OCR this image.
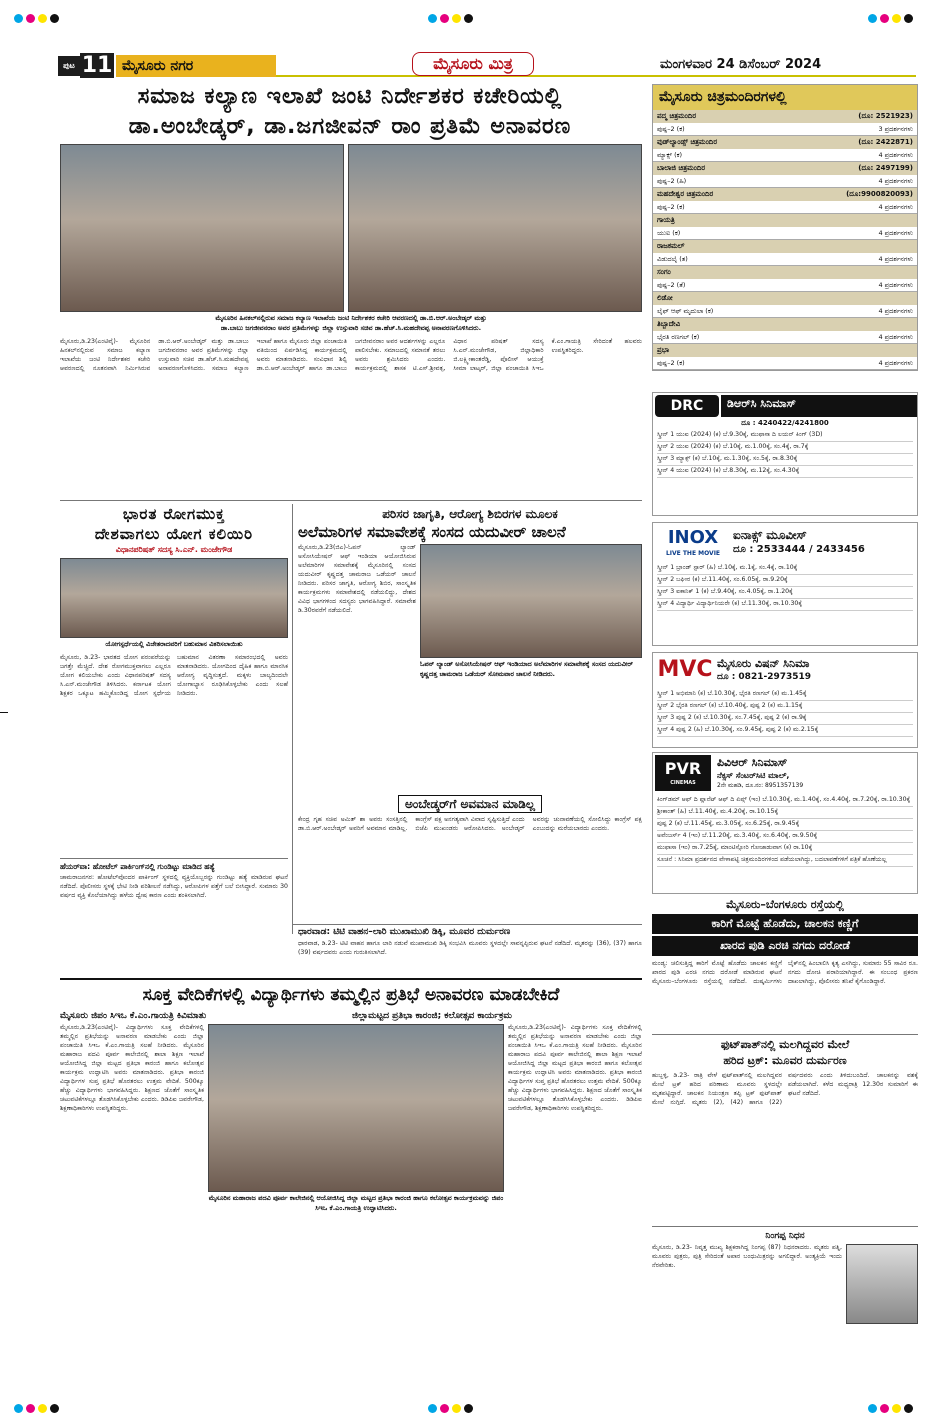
ಪುಟ 11 ಮೈಸೂರು ನಗರ	ಮೈಸೂರು ಮಿತ್ರ	ಮಂಗಳವಾರ 24 ಡಿಸೆಂಬರ್ 2024
ಸಮಾಜ ಕಲ್ಯಾಣ ಇಲಾಖೆ ಜಂಟಿ ನಿರ್ದೇಶಕರ ಕಚೇರಿಯಲ್ಲಿ
ಡಾ.ಅಂಬೇಡ್ಕರ್, ಡಾ.ಜಗಜೀವನ್ ರಾಂ ಪ್ರತಿಮೆ ಅನಾವರಣ
ಮೈಸೂರಿನ ಹಿನಕಲ್‌ನಲ್ಲಿರುವ ಸಮಾಜ ಕಲ್ಯಾಣ ಇಲಾಖೆಯ ಜಂಟಿ ನಿರ್ದೇಶಕರ ಕಚೇರಿ ಆವರಣದಲ್ಲಿ ಡಾ.ಬಿ.ಆರ್.ಅಂಬೇಡ್ಕರ್ ಮತ್ತು
ಡಾ.ಬಾಬು ಜಗಜೀವನರಾಂ ಅವರ ಪ್ರತಿಮೆಗಳನ್ನು ಜಿಲ್ಲಾ ಉಸ್ತುವಾರಿ ಸಚಿವ ಡಾ.ಹೆಚ್.ಸಿ.ಮಹದೇವಪ್ಪ ಅನಾವರಣಗೊಳಿಸಿದರು.
ಮೈಸೂರು,ಡಿ.23(ಎಂಟಿವೈ)- ಮೈಸೂರಿನ ಹಿನಕಲ್‌ನಲ್ಲಿರುವ ಸಮಾಜ ಕಲ್ಯಾಣ ಇಲಾಖೆಯ ಜಂಟಿ ನಿರ್ದೇಶಕರ ಕಚೇರಿ ಆವರಣದಲ್ಲಿ ನೂತನವಾಗಿ ನಿರ್ಮಿಸಿರುವ ಡಾ.ಬಿ.ಆರ್.ಅಂಬೇಡ್ಕರ್ ಮತ್ತು ಡಾ.ಬಾಬು ಜಗಜೀವನರಾಂ ಅವರ ಪ್ರತಿಮೆಗಳನ್ನು ಜಿಲ್ಲಾ ಉಸ್ತುವಾರಿ ಸಚಿವ ಡಾ.ಹೆಚ್.ಸಿ.ಮಹದೇವಪ್ಪ ಅನಾವರಣಗೊಳಿಸಿದರು. ಸಮಾಜ ಕಲ್ಯಾಣ ಇಲಾಖೆ ಹಾಗೂ ಮೈಸೂರು ಜಿಲ್ಲಾ ಪಂಚಾಯಿತಿ ವತಿಯಿಂದ ಏರ್ಪಡಿಸಿದ್ದ ಕಾರ್ಯಕ್ರಮದಲ್ಲಿ ಅವರು ಮಾತನಾಡಿದರು. ಸಂವಿಧಾನ ಶಿಲ್ಪಿ ಡಾ.ಬಿ.ಆರ್.ಅಂಬೇಡ್ಕರ್ ಹಾಗೂ ಡಾ.ಬಾಬು ಜಗಜೀವನರಾಂ ಅವರ ಆದರ್ಶಗಳನ್ನು ಎಲ್ಲರೂ ಪಾಲಿಸಬೇಕು. ಸಮಾಜದಲ್ಲಿ ಸಮಾನತೆ ತರಲು ಅವರು ಶ್ರಮಿಸಿದರು ಎಂದರು. ಕಾರ್ಯಕ್ರಮದಲ್ಲಿ ಶಾಸಕ ಟಿ.ಎಸ್.ಶ್ರೀವತ್ಸ, ವಿಧಾನ ಪರಿಷತ್ ಸದಸ್ಯ ಸಿ.ಎನ್.ಮಂಜೇಗೌಡ, ಜಿಲ್ಲಾಧಿಕಾರಿ ಜಿ.ಲಕ್ಷ್ಮೀಕಾಂತರೆಡ್ಡಿ, ಪೊಲೀಸ್ ಆಯುಕ್ತೆ ಸೀಮಾ ಲಾಟ್ಕರ್, ಜಿಲ್ಲಾ ಪಂಚಾಯಿತಿ ಸಿಇಒ ಕೆ.ಎಂ.ಗಾಯತ್ರಿ ಸೇರಿದಂತೆ ಹಲವರು ಉಪಸ್ಥಿತರಿದ್ದರು.
ಭಾರತ ರೋಗಮುಕ್ತ
ದೇಶವಾಗಲು ಯೋಗ ಕಲಿಯಿರಿ
ವಿಧಾನಪರಿಷತ್ ಸದಸ್ಯ ಸಿ.ಎನ್. ಮಂಜೇಗೌಡ
ಯೋಗಸ್ಪರ್ಧೆಯಲ್ಲಿ ವಿಜೇತರಾದವರಿಗೆ ಬಹುಮಾನ ವಿತರಿಸಲಾಯಿತು
ಮೈಸೂರು, ಡಿ.23- ಭಾರತದ ಯೋಗ ಪರಂಪರೆಯನ್ನು ಜಗತ್ತೇ ಮೆಚ್ಚಿದೆ. ದೇಶ ರೋಗಮುಕ್ತವಾಗಲು ಎಲ್ಲರೂ ಯೋಗ ಕಲಿಯಬೇಕು ಎಂದು ವಿಧಾನಪರಿಷತ್ ಸದಸ್ಯ ಸಿ.ಎನ್.ಮಂಜೇಗೌಡ ತಿಳಿಸಿದರು. ಕರ್ನಾಟಕ ಯೋಗ ಶಿಕ್ಷಕರ ಒಕ್ಕೂಟ ಹಮ್ಮಿಕೊಂಡಿದ್ದ ಯೋಗ ಸ್ಪರ್ಧೆಯ ಬಹುಮಾನ ವಿತರಣಾ ಸಮಾರಂಭದಲ್ಲಿ ಅವರು ಮಾತನಾಡಿದರು. ಯೋಗದಿಂದ ದೈಹಿಕ ಹಾಗೂ ಮಾನಸಿಕ ಆರೋಗ್ಯ ವೃದ್ಧಿಸುತ್ತದೆ. ಮಕ್ಕಳು ಬಾಲ್ಯದಿಂದಲೇ ಯೋಗಾಭ್ಯಾಸ ರೂಢಿಸಿಕೊಳ್ಳಬೇಕು ಎಂದು ಸಲಹೆ ನೀಡಿದರು.
ಹೆಯರ್‌ವಾ: ಹೋಟೆಲ್ ಪಾರ್ಕಿಂಗ್‌ನಲ್ಲಿ ಗುಂಡಿಟ್ಟು ಮಾಡಿದ ಹತ್ಯೆ
ಚಾಮರಾಜನಗರ: ಹೋಟೆಲ್‌ವೊಂದರ ಪಾರ್ಕಿಂಗ್ ಸ್ಥಳದಲ್ಲಿ ವ್ಯಕ್ತಿಯೊಬ್ಬರನ್ನು ಗುಂಡಿಟ್ಟು ಹತ್ಯೆ ಮಾಡಿರುವ ಘಟನೆ ನಡೆದಿದೆ. ಪೊಲೀಸರು ಸ್ಥಳಕ್ಕೆ ಭೇಟಿ ನೀಡಿ ಪರಿಶೀಲನೆ ನಡೆಸಿದ್ದು, ಆರೋಪಿಗಳ ಪತ್ತೆಗೆ ಬಲೆ ಬೀಸಿದ್ದಾರೆ. ಸುಮಾರು 30 ವರ್ಷದ ವ್ಯಕ್ತಿ ಕೊಲೆಯಾಗಿದ್ದು ಹಳೆಯ ದ್ವೇಷ ಕಾರಣ ಎಂದು ಶಂಕಿಸಲಾಗಿದೆ.
ಪರಿಸರ ಜಾಗೃತಿ, ಆರೋಗ್ಯ ಶಿಬಿರಗಳ ಮೂಲಕ
ಅಲೆಮಾರಿಗಳ ಸಮಾವೇಶಕ್ಕೆ ಸಂಸದ ಯದುವೀರ್ ಚಾಲನೆ
ಮೈಸೂರು,ಡಿ.23(ಜಿಎ)-ಓಪನ್ ಲ್ಯಾಂಡ್ ಅಸೋಸಿಯೇಷನ್ ಆಫ್ ಇಂಡಿಯಾ ಆಯೋಜಿಸಿರುವ ಅಲೆಮಾರಿಗಳ ಸಮಾವೇಶಕ್ಕೆ ಮೈಸೂರಿನಲ್ಲಿ ಸಂಸದ ಯದುವೀರ್ ಕೃಷ್ಣದತ್ತ ಚಾಮರಾಜ ಒಡೆಯರ್ ಚಾಲನೆ ನೀಡಿದರು. ಪರಿಸರ ಜಾಗೃತಿ, ಆರೋಗ್ಯ ಶಿಬಿರ, ಸಾಂಸ್ಕೃತಿಕ ಕಾರ್ಯಕ್ರಮಗಳು ಸಮಾವೇಶದಲ್ಲಿ ನಡೆಯಲಿದ್ದು, ದೇಶದ ವಿವಿಧ ಭಾಗಗಳಿಂದ ಸದಸ್ಯರು ಭಾಗವಹಿಸಿದ್ದಾರೆ. ಸಮಾವೇಶ ಡಿ.30ರವರೆಗೆ ನಡೆಯಲಿದೆ.
ಓಪನ್ ಲ್ಯಾಂಡ್ ಅಸೋಸಿಯೇಷನ್ ಆಫ್ ಇಂಡಿಯಾದ ಅಲೆಮಾರಿಗಳ ಸಮಾವೇಶಕ್ಕೆ ಸಂಸದ ಯದುವೀರ್ ಕೃಷ್ಣದತ್ತ ಚಾಮರಾಜ ಒಡೆಯರ್ ಸೋಮವಾರ ಚಾಲನೆ ನೀಡಿದರು.
ಅಂಬೇಡ್ಕರ್‌ಗೆ ಅವಮಾನ ಮಾಡಿಲ್ಲ
ಕೇಂದ್ರ ಗೃಹ ಸಚಿವ ಅಮಿತ್ ಶಾ ಅವರು ಸಂಸತ್ತಿನಲ್ಲಿ ಡಾ.ಬಿ.ಆರ್.ಅಂಬೇಡ್ಕರ್ ಅವರಿಗೆ ಅವಮಾನ ಮಾಡಿಲ್ಲ. ಕಾಂಗ್ರೆಸ್ ಪಕ್ಷ ಅನಗತ್ಯವಾಗಿ ವಿವಾದ ಸೃಷ್ಟಿಸುತ್ತಿದೆ ಎಂದು ಬಿಜೆಪಿ ಮುಖಂಡರು ಆರೋಪಿಸಿದರು. ಅಂಬೇಡ್ಕರ್ ಅವರನ್ನು ಚುನಾವಣೆಯಲ್ಲಿ ಸೋಲಿಸಿದ್ದು ಕಾಂಗ್ರೆಸ್ ಪಕ್ಷ ಎಂಬುದನ್ನು ಮರೆಯಬಾರದು ಎಂದರು.
ಧಾರವಾಡ: ಟಿಟಿ ವಾಹನ–ಲಾರಿ ಮುಖಾಮುಖಿ ಡಿಕ್ಕಿ, ಮೂವರ ದುರ್ಮರಣ
ಧಾರವಾಡ, ಡಿ.23- ಟಿಟಿ ವಾಹನ ಹಾಗೂ ಲಾರಿ ನಡುವೆ ಮುಖಾಮುಖಿ ಡಿಕ್ಕಿ ಸಂಭವಿಸಿ ಮೂವರು ಸ್ಥಳದಲ್ಲೇ ಸಾವನ್ನಪ್ಪಿರುವ ಘಟನೆ ನಡೆದಿದೆ. ಮೃತರನ್ನು (36), (37) ಹಾಗೂ (39) ವರ್ಷದವರು ಎಂದು ಗುರುತಿಸಲಾಗಿದೆ.
ಸೂಕ್ತ ವೇದಿಕೆಗಳಲ್ಲಿ ವಿದ್ಯಾರ್ಥಿಗಳು ತಮ್ಮಲ್ಲಿನ ಪ್ರತಿಭೆ ಅನಾವರಣ ಮಾಡಬೇಕಿದೆ
ಮೈಸೂರು ಜಿಪಂ ಸಿಇಒ ಕೆ.ಎಂ.ಗಾಯತ್ರಿ ಕಿವಿಮಾತು	ಜಿಲ್ಲಾಮಟ್ಟದ ಪ್ರತಿಭಾ ಕಾರಂಜಿ; ಕಲೋತ್ಸವ ಕಾರ್ಯಕ್ರಮ
ಮೈಸೂರು,ಡಿ.23(ಎಂಟಿವೈ)- ವಿದ್ಯಾರ್ಥಿಗಳು ಸೂಕ್ತ ವೇದಿಕೆಗಳಲ್ಲಿ ತಮ್ಮಲ್ಲಿನ ಪ್ರತಿಭೆಯನ್ನು ಅನಾವರಣ ಮಾಡಬೇಕು ಎಂದು ಜಿಲ್ಲಾ ಪಂಚಾಯಿತಿ ಸಿಇಒ ಕೆ.ಎಂ.ಗಾಯತ್ರಿ ಸಲಹೆ ನೀಡಿದರು. ಮೈಸೂರಿನ ಮಹಾರಾಜ ಪದವಿ ಪೂರ್ವ ಕಾಲೇಜಿನಲ್ಲಿ ಶಾಲಾ ಶಿಕ್ಷಣ ಇಲಾಖೆ ಆಯೋಜಿಸಿದ್ದ ಜಿಲ್ಲಾ ಮಟ್ಟದ ಪ್ರತಿಭಾ ಕಾರಂಜಿ ಹಾಗೂ ಕಲೋತ್ಸವ ಕಾರ್ಯಕ್ರಮ ಉದ್ಘಾಟಿಸಿ ಅವರು ಮಾತನಾಡಿದರು. ಪ್ರತಿಭಾ ಕಾರಂಜಿ ವಿದ್ಯಾರ್ಥಿಗಳ ಸುಪ್ತ ಪ್ರತಿಭೆ ಹೊರತರಲು ಉತ್ತಮ ವೇದಿಕೆ. 500ಕ್ಕೂ ಹೆಚ್ಚು ವಿದ್ಯಾರ್ಥಿಗಳು ಭಾಗವಹಿಸಿದ್ದರು. ಶಿಕ್ಷಣದ ಜೊತೆಗೆ ಸಾಂಸ್ಕೃತಿಕ ಚಟುವಟಿಕೆಗಳಲ್ಲೂ ತೊಡಗಿಸಿಕೊಳ್ಳಬೇಕು ಎಂದರು. ಡಿಡಿಪಿಐ ಜವರೇಗೌಡ, ಶಿಕ್ಷಣಾಧಿಕಾರಿಗಳು ಉಪಸ್ಥಿತರಿದ್ದರು.
ಮೈಸೂರಿನ ಮಹಾರಾಜ ಪದವಿ ಪೂರ್ವ ಕಾಲೇಜಿನಲ್ಲಿ ಆಯೋಜಿಸಿದ್ದ ಜಿಲ್ಲಾ ಮಟ್ಟದ ಪ್ರತಿಭಾ ಕಾರಂಜಿ ಹಾಗೂ ಕಲೋತ್ಸವ ಕಾರ್ಯಕ್ರಮವನ್ನು ಜಿಪಂ ಸಿಇಒ ಕೆ.ಎಂ.ಗಾಯತ್ರಿ ಉದ್ಘಾಟಿಸಿದರು.
ಮೈಸೂರು,ಡಿ.23(ಎಂಟಿವೈ)- ವಿದ್ಯಾರ್ಥಿಗಳು ಸೂಕ್ತ ವೇದಿಕೆಗಳಲ್ಲಿ ತಮ್ಮಲ್ಲಿನ ಪ್ರತಿಭೆಯನ್ನು ಅನಾವರಣ ಮಾಡಬೇಕು ಎಂದು ಜಿಲ್ಲಾ ಪಂಚಾಯಿತಿ ಸಿಇಒ ಕೆ.ಎಂ.ಗಾಯತ್ರಿ ಸಲಹೆ ನೀಡಿದರು. ಮೈಸೂರಿನ ಮಹಾರಾಜ ಪದವಿ ಪೂರ್ವ ಕಾಲೇಜಿನಲ್ಲಿ ಶಾಲಾ ಶಿಕ್ಷಣ ಇಲಾಖೆ ಆಯೋಜಿಸಿದ್ದ ಜಿಲ್ಲಾ ಮಟ್ಟದ ಪ್ರತಿಭಾ ಕಾರಂಜಿ ಹಾಗೂ ಕಲೋತ್ಸವ ಕಾರ್ಯಕ್ರಮ ಉದ್ಘಾಟಿಸಿ ಅವರು ಮಾತನಾಡಿದರು. ಪ್ರತಿಭಾ ಕಾರಂಜಿ ವಿದ್ಯಾರ್ಥಿಗಳ ಸುಪ್ತ ಪ್ರತಿಭೆ ಹೊರತರಲು ಉತ್ತಮ ವೇದಿಕೆ. 500ಕ್ಕೂ ಹೆಚ್ಚು ವಿದ್ಯಾರ್ಥಿಗಳು ಭಾಗವಹಿಸಿದ್ದರು. ಶಿಕ್ಷಣದ ಜೊತೆಗೆ ಸಾಂಸ್ಕೃತಿಕ ಚಟುವಟಿಕೆಗಳಲ್ಲೂ ತೊಡಗಿಸಿಕೊಳ್ಳಬೇಕು ಎಂದರು. ಡಿಡಿಪಿಐ ಜವರೇಗೌಡ, ಶಿಕ್ಷಣಾಧಿಕಾರಿಗಳು ಉಪಸ್ಥಿತರಿದ್ದರು.
ಮೈಸೂರು ಚಿತ್ರಮಂದಿರಗಳಲ್ಲಿ
ಪದ್ಮ ಚಿತ್ರಮಂದಿರ	(ದೂ: 2521923)
ಪುಷ್ಪ–2 (ಕ)	3 ಪ್ರದರ್ಶನಗಳು
ವುಡ್‌ಲ್ಯಾಂಡ್ಸ್ ಚಿತ್ರಮಂದಿರ	(ದೂ: 2422871)
ಮ್ಯಾಕ್ಸ್ (ಕ)	4 ಪ್ರದರ್ಶನಗಳು
ಬಾಲಾಜಿ ಚಿತ್ರಮಂದಿರ	(ದೂ: 2497199)
ಪುಷ್ಪ–2 (ಹಿ)	4 ಪ್ರದರ್ಶನಗಳು
ಮಹದೇಶ್ವರ ಚಿತ್ರಮಂದಿರ	(ದೂ:9900820093)
ಪುಷ್ಪ–2 (ಕ)	4 ಪ್ರದರ್ಶನಗಳು
ಗಾಯತ್ರಿ
ಯುಐ (ಕ)	4 ಪ್ರದರ್ಶನಗಳು
ರಾಜಕಮಲ್
ವಿಡುದಲೈ (ತ)	4 ಪ್ರದರ್ಶನಗಳು
ಸಂಗಂ
ಪುಷ್ಪ–2 (ತೆ)	4 ಪ್ರದರ್ಶನಗಳು
ಲಿಡೋ
ಲೈಫ್ ಆಫ್ ಮೃದುಲಾ (ಕ)	4 ಪ್ರದರ್ಶನಗಳು
ತಿಬ್ಬಾದೇವಿ
ಭೈರತಿ ರಣಗಲ್ (ಕ)	4 ಪ್ರದರ್ಶನಗಳು
ಪ್ರಭಾ
ಪುಷ್ಪ–2 (ಕ)	4 ಪ್ರದರ್ಶನಗಳು
DRC	ಡಿಆರ್‌ಸಿ ಸಿನಿಮಾಸ್
ದೂ : 4240422/4241800
ಸ್ಕ್ರೀನ್ 1 ಯುಐ (2024) (ಕ) ಬೆ.9.30ಕ್ಕೆ, ಮುಫಾಸಾ ದಿ ಲಯನ್ ಕಿಂಗ್ (3D)
ಸ್ಕ್ರೀನ್ 2 ಯುಐ (2024) (ಕ) ಬೆ.10ಕ್ಕೆ, ಮ.1.00ಕ್ಕೆ, ಸಂ.4ಕ್ಕೆ, ರಾ.7ಕ್ಕೆ
ಸ್ಕ್ರೀನ್ 3 ಮ್ಯಾಕ್ಸ್ (ಕ) ಬೆ.10ಕ್ಕೆ, ಮ.1.30ಕ್ಕೆ, ಸಂ.5ಕ್ಕೆ, ರಾ.8.30ಕ್ಕೆ
ಸ್ಕ್ರೀನ್ 4 ಯುಐ (2024) (ಕ) ಬೆ.8.30ಕ್ಕೆ, ಮ.12ಕ್ಕೆ, ಸಂ.4.30ಕ್ಕೆ
INOX
LIVE THE MOVIE
ಐನಾಕ್ಸ್ ಮೂವೀಸ್
ದೂ : 2533444 / 2433456
ಸ್ಕ್ರೀನ್ 1 ಬ್ರಾಂಡ್ ಸ್ಟಾರ್ (ಹಿ) ಬೆ.10ಕ್ಕೆ, ಮ.1ಕ್ಕೆ, ಸಂ.4ಕ್ಕೆ, ರಾ.10ಕ್ಕೆ
ಸ್ಕ್ರೀನ್ 2 ಬಘೀರ (ಕ) ಬೆ.11.40ಕ್ಕೆ, ಸಂ.6.05ಕ್ಕೆ, ರಾ.9.20ಕ್ಕೆ
ಸ್ಕ್ರೀನ್ 3 ಐಕಾನಿಕ್ 1 (ಕ) ಬೆ.9.40ಕ್ಕೆ, ಸಂ.4.05ಕ್ಕೆ, ರಾ.1.20ಕ್ಕೆ
ಸ್ಕ್ರೀನ್ 4 ವಿದ್ಯಾರ್ಥಿ ವಿದ್ಯಾರ್ಥಿನಿಯರೇ (ಕ) ಬೆ.11.30ಕ್ಕೆ, ರಾ.10.30ಕ್ಕೆ
MVC ಮೈಸೂರು ವಿಷನ್ ಸಿನಿಮಾ
ದೂ : 0821-2973519
ಸ್ಕ್ರೀನ್ 1 ಅಭಿಮಾನಿ (ಕ) ಬೆ.10.30ಕ್ಕೆ, ಭೈರತಿ ರಣಗಲ್ (ಕ) ಮ.1.45ಕ್ಕೆ
ಸ್ಕ್ರೀನ್ 2 ಭೈರತಿ ರಣಗಲ್ (ಕ) ಬೆ.10.40ಕ್ಕೆ, ಪುಷ್ಪ 2 (ಕ) ಮ.1.15ಕ್ಕೆ
ಸ್ಕ್ರೀನ್ 3 ಪುಷ್ಪ 2 (ಕ) ಬೆ.10.30ಕ್ಕೆ, ಸಂ.7.45ಕ್ಕೆ, ಪುಷ್ಪ 2 (ಕ) ರಾ.9ಕ್ಕೆ
ಸ್ಕ್ರೀನ್ 4 ಪುಷ್ಪ 2 (ಹಿ) ಬೆ.10.30ಕ್ಕೆ, ಸಂ.9.45ಕ್ಕೆ, ಪುಷ್ಪ 2 (ಕ) ಮ.2.15ಕ್ಕೆ
PVR
CINEMAS
ಪಿವಿಆರ್ ಸಿನಿಮಾಸ್
ನೆಕ್ಸಸ್ ಸೆಂಟರ್‌ಸಿಟಿ ಮಾಲ್,
2ನೇ ಮಹಡಿ, ದೂ.ನಂ: 8951357139
ಕಿಂಗ್‌ಡಮ್ ಆಫ್ ದಿ ಪ್ಲಾನೆಟ್ ಆಫ್ ದಿ ಏಪ್ಸ್ (ಇಂ) ಬೆ.10.30ಕ್ಕೆ, ಮ.1.40ಕ್ಕೆ, ಸಂ.4.40ಕ್ಕೆ, ರಾ.7.20ಕ್ಕೆ, ರಾ.10.30ಕ್ಕೆ
ಶ್ರೀಕಾಂತ್ (ಹಿ) ಬೆ.11.40ಕ್ಕೆ, ಮ.4.20ಕ್ಕೆ, ರಾ.10.15ಕ್ಕೆ
ಪುಷ್ಪ 2 (ಕ) ಬೆ.11.45ಕ್ಕೆ, ಮ.3.05ಕ್ಕೆ, ಸಂ.6.25ಕ್ಕೆ, ರಾ.9.45ಕ್ಕೆ
ಅವೆಂಜರ್ಸ್ 4 (ಇಂ) ಬೆ.11.20ಕ್ಕೆ, ಮ.3.40ಕ್ಕೆ, ಸಂ.6.40ಕ್ಕೆ, ರಾ.9.50ಕ್ಕೆ
ಮುಫಾಸಾ (ಇಂ) ರಾ.7.25ಕ್ಕೆ, ಮಾಂಟಿಸ್ಸೋರಿ ಗೋಜಾಡುವಾಗ (ಕ) ರಾ.10ಕ್ಕೆ
ಸೂಚನೆ : ಸಿನಿಮಾ ಪ್ರದರ್ಶನದ ವೇಳಾಪಟ್ಟಿ ಚಿತ್ರಮಂದಿರಗಳಿಂದ ಪಡೆಯಲಾಗಿದ್ದು, ಬದಲಾವಣೆಗಳಿಗೆ ಪತ್ರಿಕೆ ಹೊಣೆಯಲ್ಲ
ಮೈಸೂರು–ಬೆಂಗಳೂರು ರಸ್ತೆಯಲ್ಲಿ
ಕಾರಿಗೆ ಮೊಟ್ಟೆ ಹೊಡೆದು, ಚಾಲಕನ ಕಣ್ಣಿಗೆ
ಖಾರದ ಪುಡಿ ಎರಚಿ ನಗದು ದರೋಡೆ
ಮಂಡ್ಯ: ಚಲಿಸುತ್ತಿದ್ದ ಕಾರಿಗೆ ಮೊಟ್ಟೆ ಹೊಡೆದು ಚಾಲಕನ ಕಣ್ಣಿಗೆ ಖಾರದ ಪುಡಿ ಎರಚಿ ನಗದು ದರೋಡೆ ಮಾಡಿರುವ ಘಟನೆ ಮೈಸೂರು–ಬೆಂಗಳೂರು ರಸ್ತೆಯಲ್ಲಿ ನಡೆದಿದೆ. ದುಷ್ಕರ್ಮಿಗಳು ಬೈಕ್‌ನಲ್ಲಿ ಹಿಂಬಾಲಿಸಿ ಕೃತ್ಯ ಎಸಗಿದ್ದು, ಸುಮಾರು 55 ಸಾವಿರ ರೂ. ನಗದು ದೋಚಿ ಪರಾರಿಯಾಗಿದ್ದಾರೆ. ಈ ಸಂಬಂಧ ಪ್ರಕರಣ ದಾಖಲಾಗಿದ್ದು, ಪೊಲೀಸರು ತನಿಖೆ ಕೈಗೊಂಡಿದ್ದಾರೆ.
ಫುಟ್‌ಪಾತ್‌ನಲ್ಲಿ ಮಲಗಿದ್ದವರ ಮೇಲೆ
ಹರಿದ ಟ್ರಕ್: ಮೂವರ ದುರ್ಮರಣ
ಹುಬ್ಬಳ್ಳಿ, ಡಿ.23- ರಾತ್ರಿ ವೇಳೆ ಫುಟ್‌ಪಾತ್‌ನಲ್ಲಿ ಮಲಗಿದ್ದವರ ಮೇಲೆ ಟ್ರಕ್ ಹರಿದ ಪರಿಣಾಮ ಮೂವರು ಸ್ಥಳದಲ್ಲೇ ಮೃತಪಟ್ಟಿದ್ದಾರೆ. ಚಾಲಕನ ನಿಯಂತ್ರಣ ತಪ್ಪಿ ಟ್ರಕ್ ಫುಟ್‌ಪಾತ್ ಮೇಲೆ ನುಗ್ಗಿದೆ. ಮೃತರು (2), (42) ಹಾಗೂ (22) ವರ್ಷದವರು ಎಂದು ತಿಳಿದುಬಂದಿದೆ. ಚಾಲಕನನ್ನು ವಶಕ್ಕೆ ಪಡೆಯಲಾಗಿದೆ. ಕಳೆದ ಮಧ್ಯರಾತ್ರಿ 12.30ರ ಸುಮಾರಿಗೆ ಈ ಘಟನೆ ನಡೆದಿದೆ.
ನಿಂಗಪ್ಪ ನಿಧನ
ಮೈಸೂರು, ಡಿ.23- ನಿವೃತ್ತ ಮುಖ್ಯ ಶಿಕ್ಷಕರಾಗಿದ್ದ ನಿಂಗಪ್ಪ (87) ನಿಧನರಾದರು. ಮೃತರು ಪತ್ನಿ, ಮೂವರು ಪುತ್ರರು, ಪುತ್ರಿ ಸೇರಿದಂತೆ ಅಪಾರ ಬಂಧುಮಿತ್ರರನ್ನು ಅಗಲಿದ್ದಾರೆ. ಅಂತ್ಯಕ್ರಿಯೆ ಇಂದು ನೆರವೇರಿತು.
